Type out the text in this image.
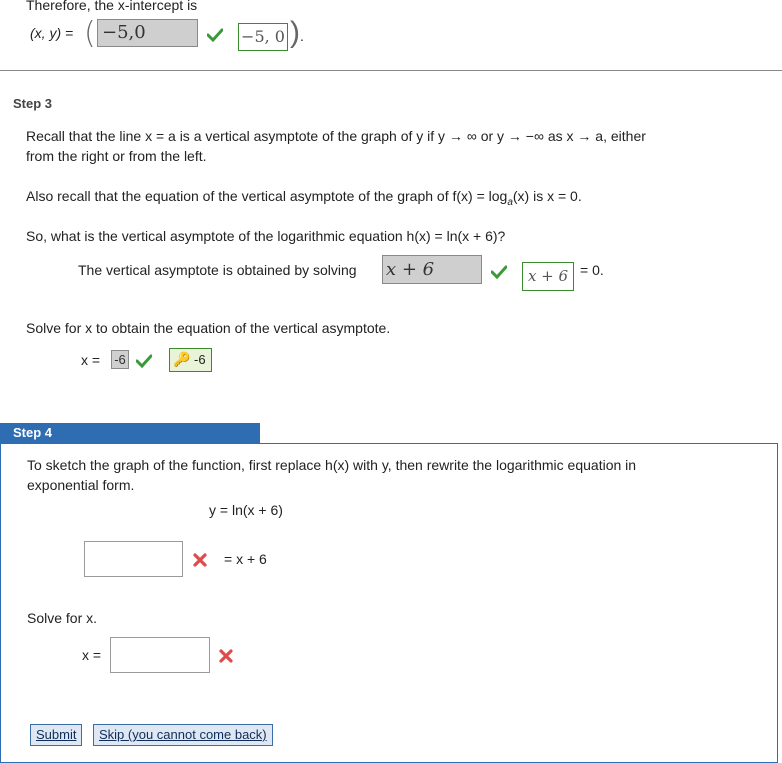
Therefore, the x-intercept is
(x, y) = ( −5,0	−5, 0 ) .
Step 3
Recall that the line x = a is a vertical asymptote of the graph of y if y → ∞ or y → −∞ as x → a, either
from the right or from the left.
Also recall that the equation of the vertical asymptote of the graph of $f(x) = \log_a(x)$ is x = 0.
So, what is the vertical asymptote of the logarithmic equation h(x) = ln(x + 6)?
The vertical asymptote is obtained by solving x + 6	x + 6 = 0.
Solve for x to obtain the equation of the vertical asymptote.
x = -6	🔑 -6
Step 4
To sketch the graph of the function, first replace h(x) with y, then rewrite the logarithmic equation in
exponential form.
y = ln(x + 6)
= x + 6
Solve for x.
x =
Submit	Skip (you cannot come back)
